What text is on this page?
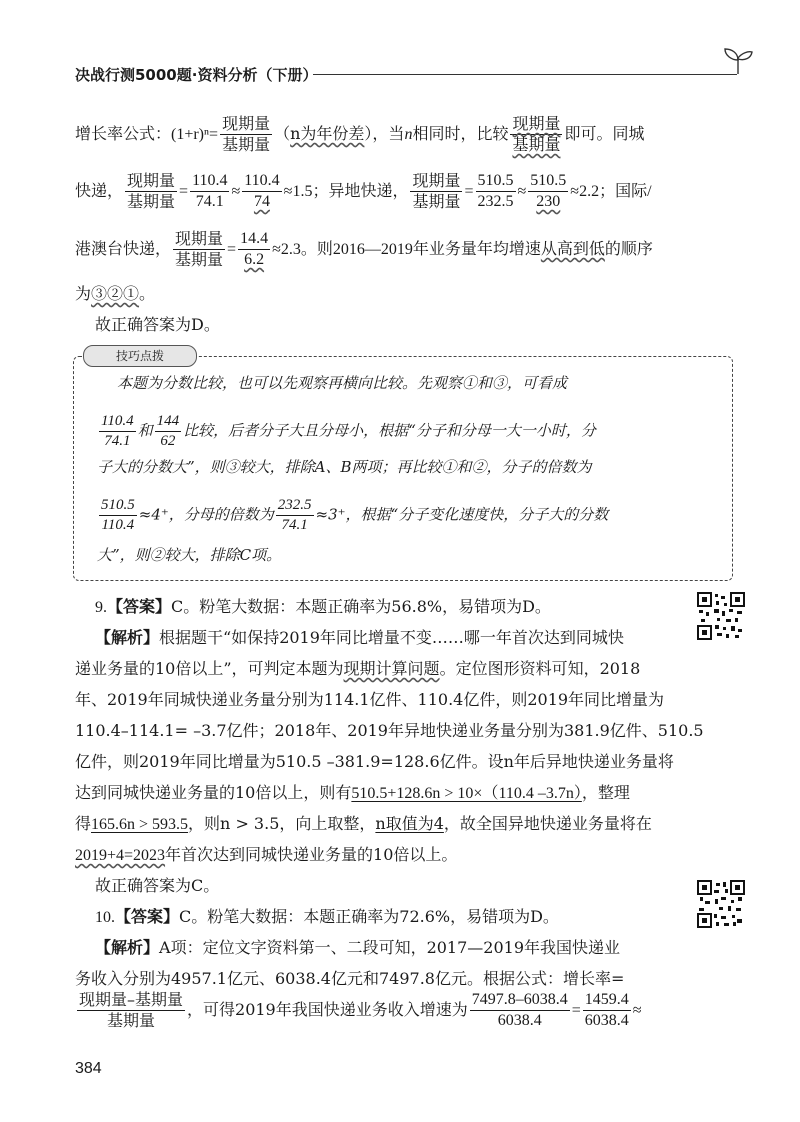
决战行测5000题·资料分析（下册）
增长率公式：$(1+r)^n= \frac{\text{现期量}}{\text{基期量}} (n$为年份差），当n相同时，比较 $\frac{\text{现期量}}{\text{基期量}}$ 即可。同城
快递， $\frac{\text{现期量}}{\text{基期量}} = \frac{110.4}{74.1} \approx \frac{110.4}{74} \approx 1.5$；异地快递， $\frac{\text{现期量}}{\text{基期量}} = \frac{510.5}{232.5} \approx \frac{510.5}{230} \approx 2.2$；国际/
港澳台快递， $\frac{\text{现期量}}{\text{基期量}} = \frac{14.4}{6.2} \approx 2.3$。则2016—2019年业务量年均增速从高到低的顺序
为③②①。
故正确答案为D。
技巧点拨
本题为分数比较，也可以先观察再横向比较。先观察①和③，可看成
$\frac{110.4}{74.1}$ 和 $\frac{144}{62}$ 比较，后者分子大且分母小，根据“分子和分母一大一小时，分
子大的分数大”，则③较大，排除A、B两项；再比较①和②，分子的倍数为
$\frac{510.5}{110.4} \approx 4^+$，分母的倍数为 $\frac{232.5}{74.1} \approx 3^+$，根据“分子变化速度快，分子大的分数
大”，则②较大，排除C项。
9.【答案】C。粉笔大数据：本题正确率为56.8%，易错项为D。
【解析】根据题干“如保持2019年同比增量不变……哪一年首次达到同城快
递业务量的10倍以上”，可判定本题为现期计算问题。定位图形资料可知，2018
年、2019年同城快递业务量分别为114.1亿件、110.4亿件，则2019年同比增量为
110.4–114.1= –3.7亿件；2018年、2019年异地快递业务量分别为381.9亿件、510.5
亿件，则2019年同比增量为510.5 –381.9=128.6亿件。设n年后异地快递业务量将
达到同城快递业务量的10倍以上，则有510.5+128.6n > 10×（110.4 –3.7n），整理
得165.6n > 593.5，则n > 3.5，向上取整，n取值为4，故全国异地快递业务量将在
2019+4=2023年首次达到同城快递业务量的10倍以上。
故正确答案为C。
10.【答案】C。粉笔大数据：本题正确率为72.6%，易错项为D。
【解析】A项：定位文字资料第一、二段可知，2017—2019年我国快递业
务收入分别为4957.1亿元、6038.4亿元和7497.8亿元。根据公式：增长率=
$\frac{\text{现期量–基期量}}{\text{基期量}}$ ，可得2019年我国快递业务收入增速为 $\frac{7497.8-6038.4}{6038.4} = \frac{1459.4}{6038.4}$ ≈
384
